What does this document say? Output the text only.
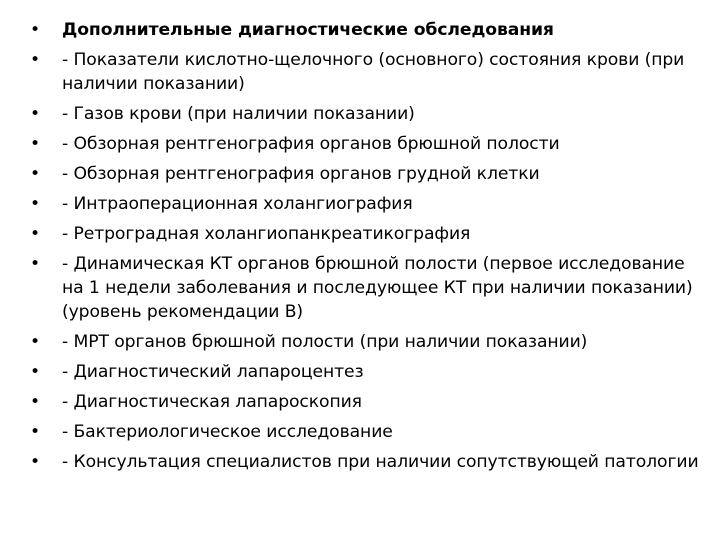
•	Дополнительные диагностические обследования
•	- Показатели кислотно-щелочного (основного) состояния крови (при наличии показании)
•	- Газов крови (при наличии показании)
•	- Обзорная рентгенография органов брюшной полости
•	- Обзорная рентгенография органов грудной клетки
•	- Интраоперационная холангиография
•	- Ретроградная холангиопанкреатикография
•	- Динамическая КТ органов брюшной полости (первое исследование на 1 недели заболевания и последующее КТ при наличии показании) (уровень рекомендации В)
•	- МРТ органов брюшной полости (при наличии показании)
•	- Диагностический лапароцентез
•	- Диагностическая лапароскопия
•	- Бактериологическое исследование
•	- Консультация специалистов при наличии сопутствующей патологии
